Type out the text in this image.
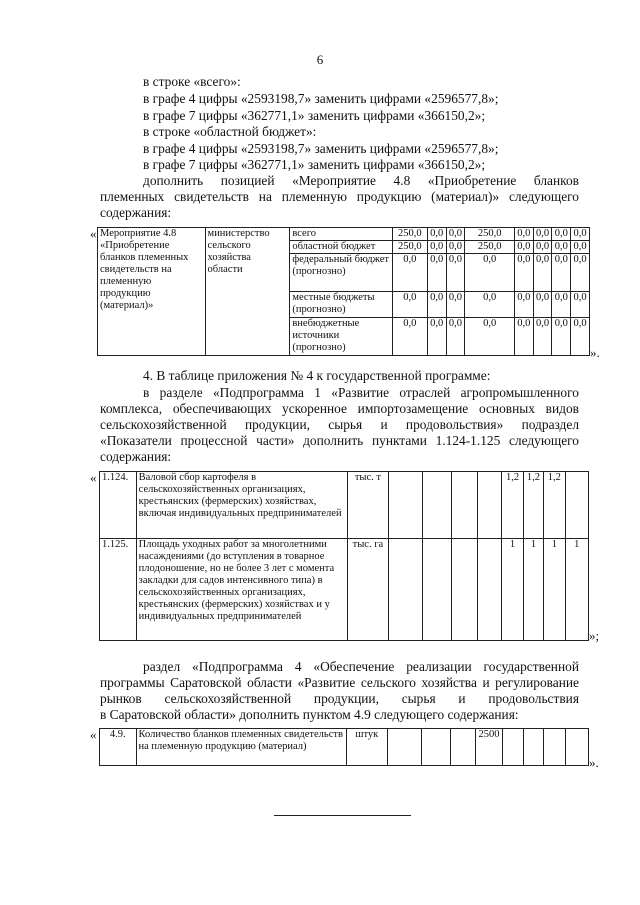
6
в строке «всего»:
в графе 4 цифры «2593198,7» заменить цифрами «2596577,8»;
в графе 7 цифры «362771,1» заменить цифрами «366150,2»;
в строке «областной бюджет»:
в графе 4 цифры «2593198,7» заменить цифрами «2596577,8»;
в графе 7 цифры «362771,1» заменить цифрами «366150,2»;
дополнить позицией «Мероприятие 4.8 «Приобретение бланков
племенных свидетельств на племенную продукцию (материал)» следующего
содержания:
« Мероприятие 4.8 «Приобретение бланков племенных свидетельств на племенную продукцию (материал)»	министерство сельского хозяйства области	всего	250,0	0,0	0,0	250,0	0,0	0,0	0,0	0,0
		областной бюджет	250,0	0,0	0,0	250,0	0,0	0,0	0,0	0,0
		федеральный бюджет (прогнозно)	0,0	0,0	0,0	0,0	0,0	0,0	0,0	0,0
		местные бюджеты (прогнозно)	0,0	0,0	0,0	0,0	0,0	0,0	0,0	0,0
		внебюджетные источники (прогнозно)	0,0	0,0	0,0	0,0	0,0	0,0	0,0	0,0
».
4. В таблице приложения № 4 к государственной программе:
в разделе «Подпрограмма 1 «Развитие отраслей агропромышленного
комплекса, обеспечивающих ускоренное импортозамещение основных видов
сельскохозяйственной продукции, сырья и продовольствия» подраздел
«Показатели процессной части» дополнить пунктами 1.124-1.125 следующего
содержания:
« 1.124.	Валовой сбор картофеля в сельскохозяйственных организациях, крестьянских (фермерских) хозяйствах, включая индивидуальных предпринимателей	тыс. т					1,2	1,2	1,2	
1.125.	Площадь уходных работ за многолетними насаждениями (до вступления в товарное плодоношение, но не более 3 лет с момента закладки для садов интенсивного типа) в сельскохозяйственных организациях, крестьянских (фермерских) хозяйствах и у индивидуальных предпринимателей	тыс. га					1	1	1	1
»;
раздел «Подпрограмма 4 «Обеспечение реализации государственной
программы Саратовской области «Развитие сельского хозяйства и регулирование
рынков сельскохозяйственной продукции, сырья и продовольствия
в Саратовской области» дополнить пунктом 4.9 следующего содержания:
« 4.9.	Количество бланков племенных свидетельств на племенную продукцию (материал)	штук				2500				
».
